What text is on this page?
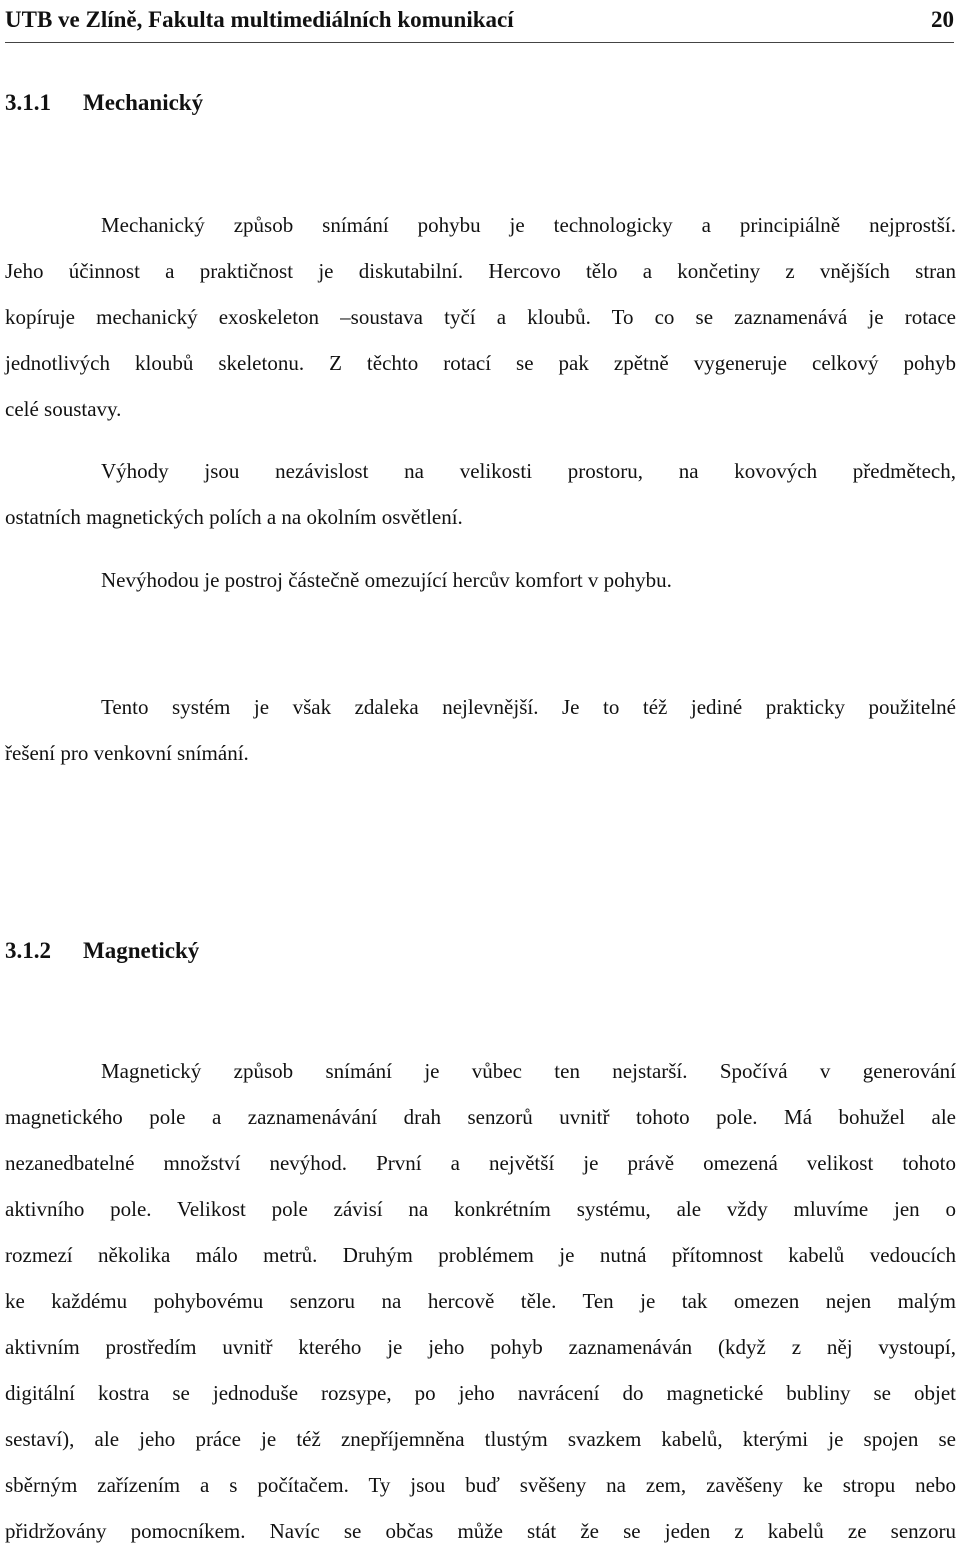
UTB ve Zlíně, Fakulta multimediálních komunikací	20
3.1.1 Mechanický
Mechanický způsob snímání pohybu je technologicky a principiálně nejprostší.
Jeho účinnost a praktičnost je diskutabilní. Hercovo tělo a končetiny z vnějších stran
kopíruje mechanický exoskeleton –soustava tyčí a kloubů. To co se zaznamenává je rotace
jednotlivých kloubů skeletonu. Z těchto rotací se pak zpětně vygeneruje celkový pohyb
celé soustavy.
Výhody jsou nezávislost na velikosti prostoru, na kovových předmětech,
ostatních magnetických polích a na okolním osvětlení.
Nevýhodou je postroj částečně omezující hercův komfort v pohybu.
Tento systém je však zdaleka nejlevnější. Je to též jediné prakticky použitelné
řešení pro venkovní snímání.
3.1.2 Magnetický
Magnetický způsob snímání je vůbec ten nejstarší. Spočívá v generování
magnetického pole a zaznamenávání drah senzorů uvnitř tohoto pole. Má bohužel ale
nezanedbatelné množství nevýhod. První a největší je právě omezená velikost tohoto
aktivního pole. Velikost pole závisí na konkrétním systému, ale vždy mluvíme jen o
rozmezí několika málo metrů. Druhým problémem je nutná přítomnost kabelů vedoucích
ke každému pohybovému senzoru na hercově těle. Ten je tak omezen nejen malým
aktivním prostředím uvnitř kterého je jeho pohyb zaznamenáván (když z něj vystoupí,
digitální kostra se jednoduše rozsype, po jeho navrácení do magnetické bubliny se objet
sestaví), ale jeho práce je též znepříjemněna tlustým svazkem kabelů, kterými je spojen se
sběrným zařízením a s počítačem. Ty jsou buď svěšeny na zem, zavěšeny ke stropu nebo
přidržovány pomocníkem. Navíc se občas může stát že se jeden z kabelů ze senzoru
